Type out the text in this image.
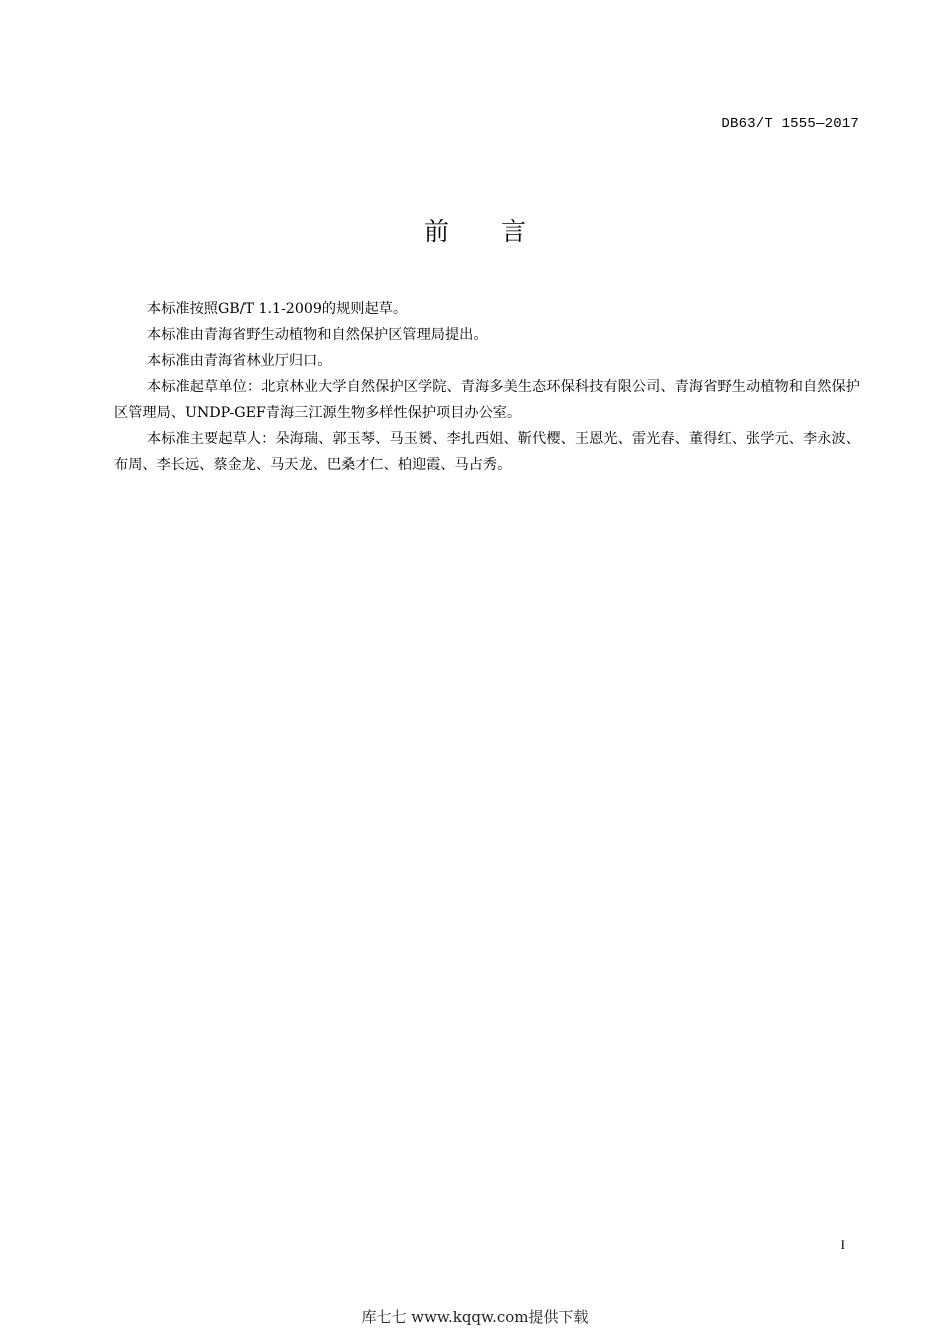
DB63/T 1555—2017
前 言

本标准按照GB/T 1.1-2009的规则起草。

本标准由青海省野生动植物和自然保护区管理局提出。

本标准由青海省林业厅归口。

本标准起草单位：北京林业大学自然保护区学院、青海多美生态环保科技有限公司、青海省野生动植物和自然保护区管理局、UNDP-GEF青海三江源生物多样性保护项目办公室。

本标准主要起草人：朵海瑞、郭玉琴、马玉赟、李扎西姐、靳代樱、王恩光、雷光春、董得红、张学元、李永波、布周、李长远、蔡金龙、马天龙、巴桑才仁、柏迎霞、马占秀。

I
库七七 www.kqqw.com提供下载
